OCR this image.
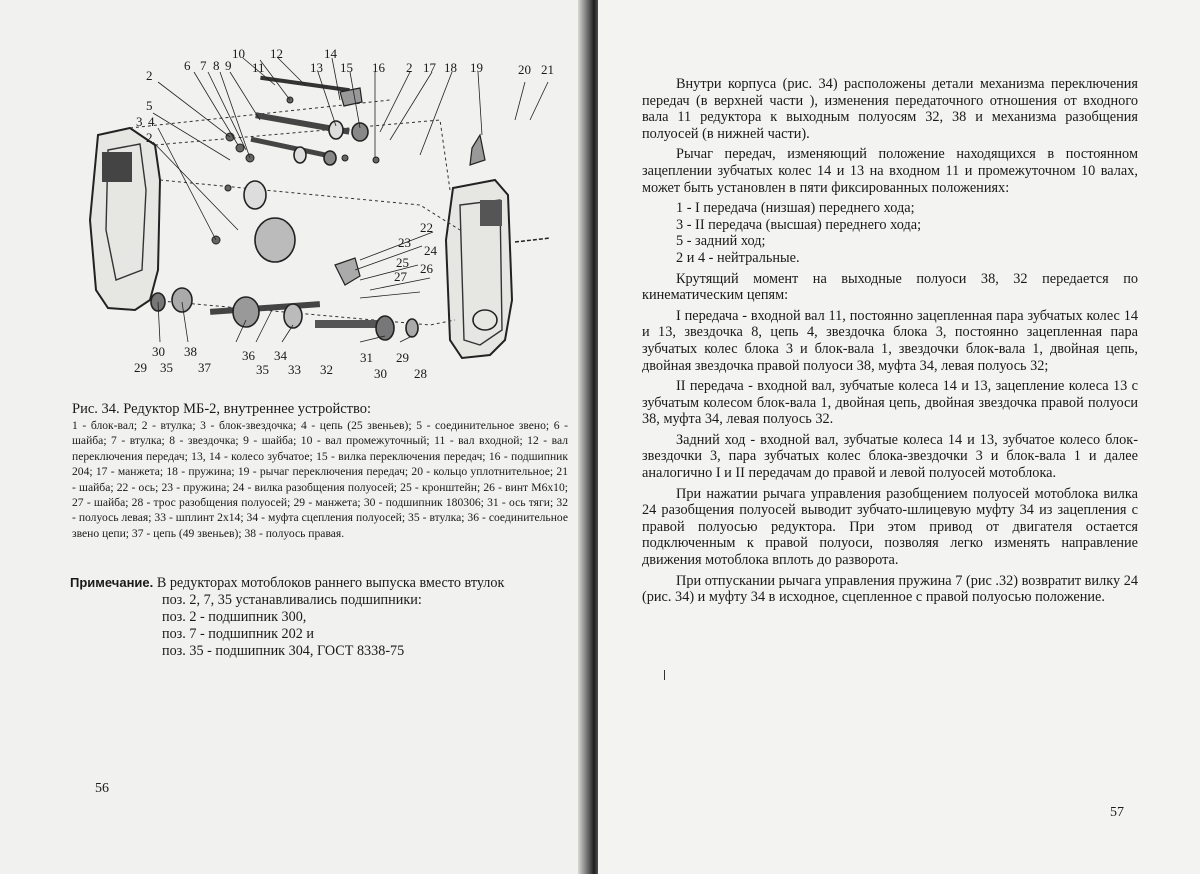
2
6 7 8 9
10
11
12	14
13 15 16 2 17 18 19	20 21
5
3 4
2
22
23
24
25
27
26
30 38	36 34	31 29
29 35 37	35 33 32	30 28
Рис. 34. Редуктор МБ-2, внутреннее устройство:
1 - блок-вал; 2 - втулка; 3 - блок-звездочка; 4 - цепь (25 звеньев); 5 - соединительное звено; 6 - шайба; 7 - втулка; 8 - звездочка; 9 - шайба; 10 - вал промежуточный; 11 - вал входной; 12 - вал переключения передач; 13, 14 - колесо зубчатое; 15 - вилка переключения передач; 16 - подшипник 204; 17 - манжета; 18 - пружина; 19 - рычаг переключения передач; 20 - кольцо уплотнительное; 21 - шайба; 22 - ось; 23 - пружина; 24 - вилка разобщения полуосей; 25 - кронштейн; 26 - винт М6х10; 27 - шайба; 28 - трос разобщения полуосей; 29 - манжета; 30 - подшипник 180306; 31 - ось тяги; 32 - полуось левая; 33 - шплинт 2х14; 34 - муфта сцепления полуосей; 35 - втулка; 36 - соединительное звено цепи; 37 - цепь (49 звеньев); 38 - полуось правая.
Примечание. В редукторах мотоблоков раннего выпуска вместо втулок
поз. 2, 7, 35 устанавливались подшипники:
поз. 2 - подшипник 300,
поз. 7 - подшипник 202 и
поз. 35 - подшипник 304, ГОСТ 8338-75
56

Внутри корпуса (рис. 34) расположены детали механизма переключения передач (в верхней части ), изменения передаточного отношения от входного вала 11 редуктора к выходным полуосям 32, 38 и механизма разобщения полуосей (в нижней части).

Рычаг передач, изменяющий положение находящихся в постоянном зацеплении зубчатых колес 14 и 13 на входном 11 и промежуточном 10 валах, может быть установлен в пяти фиксированных положениях:

1 - I передача (низшая) переднего хода;
3 - II передача (высшая) переднего хода;
5 - задний ход;
2 и 4 - нейтральные.

Крутящий момент на выходные полуоси 38, 32 передается по кинематическим цепям:

I передача - входной вал 11, постоянно зацепленная пара зубчатых колес 14 и 13, звездочка 8, цепь 4, звездочка блока 3, постоянно зацепленная пара зубчатых колес блока 3 и блок-вала 1, звездочки блок-вала 1, двойная цепь, двойная звездочка правой полуоси 38, муфта 34, левая полуось 32;

II передача - входной вал, зубчатые колеса 14 и 13, зацепление колеса 13 с зубчатым колесом блок-вала 1, двойная цепь, двойная звездочка правой полуоси 38, муфта 34, левая полуось 32.

Задний ход - входной вал, зубчатые колеса 14 и 13, зубчатое колесо блок-звездочки 3, пара зубчатых колес блока-звездочки 3 и блок-вала 1 и далее аналогично I и II передачам до правой и левой полуосей мотоблока.

При нажатии рычага управления разобщением полуосей мотоблока вилка 24 разобщения полуосей выводит зубчато-шлицевую муфту 34 из зацепления с правой полуосью редуктора. При этом привод от двигателя остается подключенным к правой полуоси, позволяя легко изменять направление движения мотоблока вплоть до разворота.

При отпускании рычага управления пружина 7 (рис .32) возвратит вилку 24 (рис. 34) и муфту 34 в исходное, сцепленное с правой полуосью положение.

57
